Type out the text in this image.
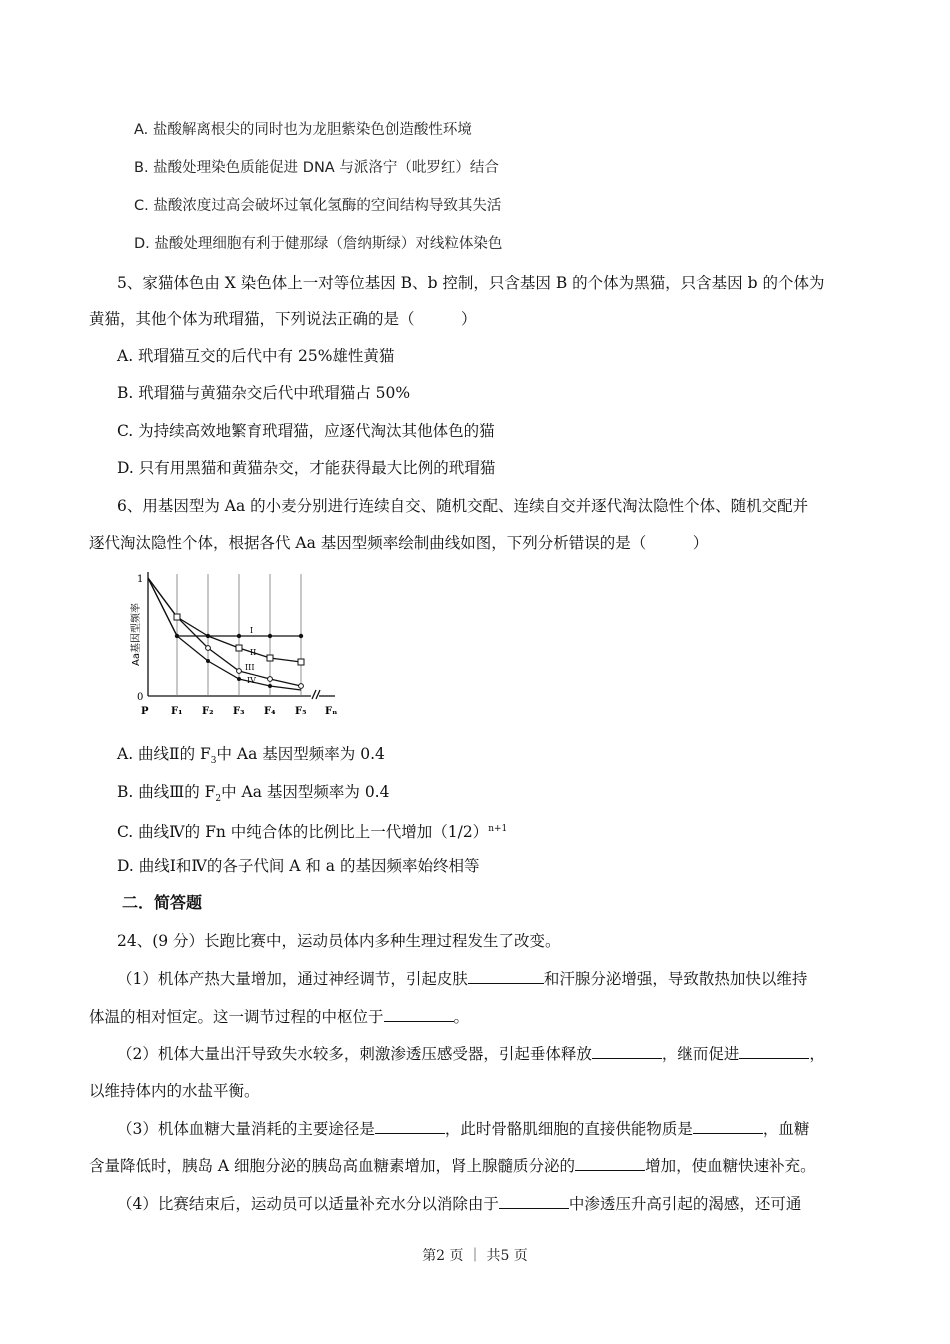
A. 盐酸解离根尖的同时也为龙胆紫染色创造酸性环境
B. 盐酸处理染色质能促进 DNA 与派洛宁（吡罗红）结合
C. 盐酸浓度过高会破坏过氧化氢酶的空间结构导致其失活
D. 盐酸处理细胞有利于健那绿（詹纳斯绿）对线粒体染色
5、家猫体色由 X 染色体上一对等位基因 B、b 控制，只含基因 B 的个体为黑猫，只含基因 b 的个体为
黄猫，其他个体为玳瑁猫，下列说法正确的是（　　　）
A. 玳瑁猫互交的后代中有 25%雄性黄猫
B. 玳瑁猫与黄猫杂交后代中玳瑁猫占 50%
C. 为持续高效地繁育玳瑁猫，应逐代淘汰其他体色的猫
D. 只有用黑猫和黄猫杂交，才能获得最大比例的玳瑁猫
6、用基因型为 Aa 的小麦分别进行连续自交、随机交配、连续自交并逐代淘汰隐性个体、随机交配并
逐代淘汰隐性个体，根据各代 Aa 基因型频率绘制曲线如图，下列分析错误的是（　　　）
1
0
Aa基因型频率	I
II
III
IV
P F₁ F₂ F₃ F₄ F₅ Fₙ
A. 曲线Ⅱ的 $F_3$中 Aa 基因型频率为 0.4
B. 曲线Ⅲ的 $F_2$中 Aa 基因型频率为 0.4
C. 曲线Ⅳ的 Fn 中纯合体的比例比上一代增加$(1/2)^{n+1}$
D. 曲线Ⅰ和Ⅳ的各子代间 A 和 a 的基因频率始终相等
二．简答题
24、(9 分）长跑比赛中，运动员体内多种生理过程发生了改变。
（1）机体产热大量增加，通过神经调节，引起皮肤	和汗腺分泌增强，导致散热加快以维持
体温的相对恒定。这一调节过程的中枢位于	。
（2）机体大量出汗导致失水较多，刺激渗透压感受器，引起垂体释放	，继而促进	，
以维持体内的水盐平衡。
（3）机体血糖大量消耗的主要途径是	，此时骨骼肌细胞的直接供能物质是	，血糖
含量降低时，胰岛 A 细胞分泌的胰岛高血糖素增加，肾上腺髓质分泌的	增加，使血糖快速补充。
（4）比赛结束后，运动员可以适量补充水分以消除由于	中渗透压升高引起的渴感，还可通
第2 页 ｜ 共5 页
